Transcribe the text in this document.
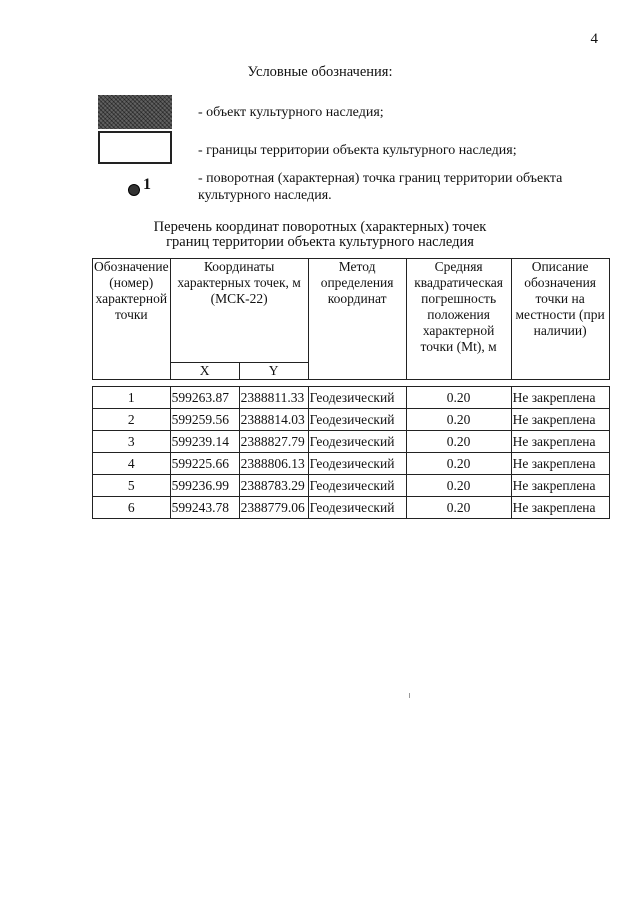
4
Условные обозначения:
- объект культурного наследия;
- границы территории объекта культурного наследия;
1	- поворотная (характерная) точка границ территории объекта культурного наследия.
Перечень координат поворотных (характерных) точек
границ территории объекта культурного наследия
Обозначение (номер) характерной точки	Координаты характерных точек, м (МСК-22)		Метод определения координат	Средняя квадратическая погрешность положения характерной точки (Mt), м	Описание обозначения точки на местности (при наличии)
	X	Y			

1	599263.87	2388811.33	Геодезический	0.20	Не закреплена
2	599259.56	2388814.03	Геодезический	0.20	Не закреплена
3	599239.14	2388827.79	Геодезический	0.20	Не закреплена
4	599225.66	2388806.13	Геодезический	0.20	Не закреплена
5	599236.99	2388783.29	Геодезический	0.20	Не закреплена
6	599243.78	2388779.06	Геодезический	0.20	Не закреплена
